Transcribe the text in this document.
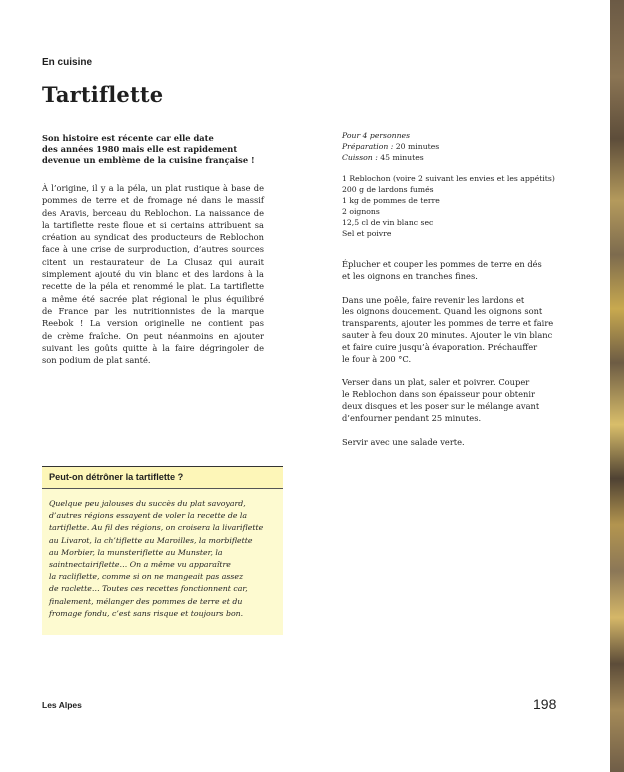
En cuisine
Tartiflette
Son histoire est récente car elle date
des années 1980 mais elle est rapidement
devenue un emblème de la cuisine française !
À l’origine, il y a la péla, un plat rustique à base de
pommes de terre et de fromage né dans le massif
des Aravis, berceau du Reblochon. La naissance de
la tartiflette reste floue et si certains attribuent sa
création au syndicat des producteurs de Reblochon
face à une crise de surproduction, d’autres sources
citent un restaurateur de La Clusaz qui aurait
simplement ajouté du vin blanc et des lardons à la
recette de la péla et renommé le plat. La tartiflette
a même été sacrée plat régional le plus équilibré
de France par les nutritionnistes de la marque
Reebok ! La version originelle ne contient pas
de crème fraîche. On peut néanmoins en ajouter
suivant les goûts quitte à la faire dégringoler de
son podium de plat santé.
Pour 4 personnes
Préparation : 20 minutes
Cuisson : 45 minutes
1 Reblochon (voire 2 suivant les envies et les appétits)
200 g de lardons fumés
1 kg de pommes de terre
2 oignons
12,5 cl de vin blanc sec
Sel et poivre
Éplucher et couper les pommes de terre en dés
et les oignons en tranches fines.
Dans une poêle, faire revenir les lardons et
les oignons doucement. Quand les oignons sont
transparents, ajouter les pommes de terre et faire
sauter à feu doux 20 minutes. Ajouter le vin blanc
et faire cuire jusqu’à évaporation. Préchauffer
le four à 200 °C.
Verser dans un plat, saler et poivrer. Couper
le Reblochon dans son épaisseur pour obtenir
deux disques et les poser sur le mélange avant
d’enfourner pendant 25 minutes.
Servir avec une salade verte.
Peut-on détrôner la tartiflette ?
Quelque peu jalouses du succès du plat savoyard,
d’autres régions essayent de voler la recette de la
tartiflette. Au fil des régions, on croisera la livariflette
au Livarot, la ch’tiflette au Maroilles, la morbiflette
au Morbier, la munsteriflette au Munster, la
saintnectairiflette… On a même vu apparaître
la racliflette, comme si on ne mangeait pas assez
de raclette… Toutes ces recettes fonctionnent car,
finalement, mélanger des pommes de terre et du
fromage fondu, c’est sans risque et toujours bon.
Les Alpes	198
